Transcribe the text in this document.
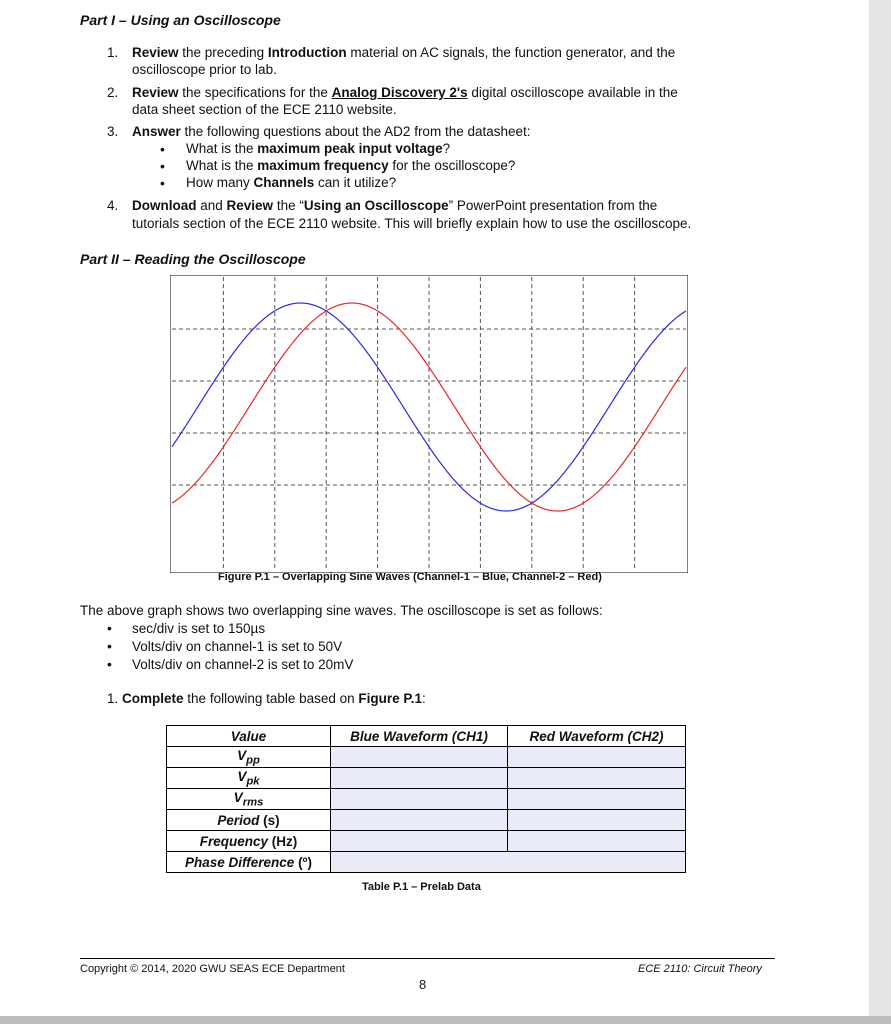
Part I – Using an Oscilloscope
1. Review the preceding Introduction material on AC signals, the function generator, and the
oscilloscope prior to lab.
2. Review the specifications for the Analog Discovery 2's digital oscilloscope available in the
data sheet section of the ECE 2110 website.
3. Answer the following questions about the AD2 from the datasheet:
• What is the maximum peak input voltage?
• What is the maximum frequency for the oscilloscope?
• How many Channels can it utilize?
4. Download and Review the “Using an Oscilloscope” PowerPoint presentation from the
tutorials section of the ECE 2110 website. This will briefly explain how to use the oscilloscope.
Part II – Reading the Oscilloscope
Figure P.1 – Overlapping Sine Waves (Channel-1 – Blue, Channel-2 – Red)
The above graph shows two overlapping sine waves. The oscilloscope is set as follows:
• sec/div is set to 150µs
• Volts/div on channel-1 is set to 50V
• Volts/div on channel-2 is set to 20mV
1. Complete the following table based on Figure P.1:
Value	Blue Waveform (CH1)	Red Waveform (CH2)
$V_{pp}$		
$V_{pk}$		
$V_{rms}$		
Period (s)		
Frequency (Hz)		
Phase Difference (º)		
Table P.1 – Prelab Data
Copyright © 2014, 2020 GWU SEAS ECE Department
8
ECE 2110: Circuit Theory
